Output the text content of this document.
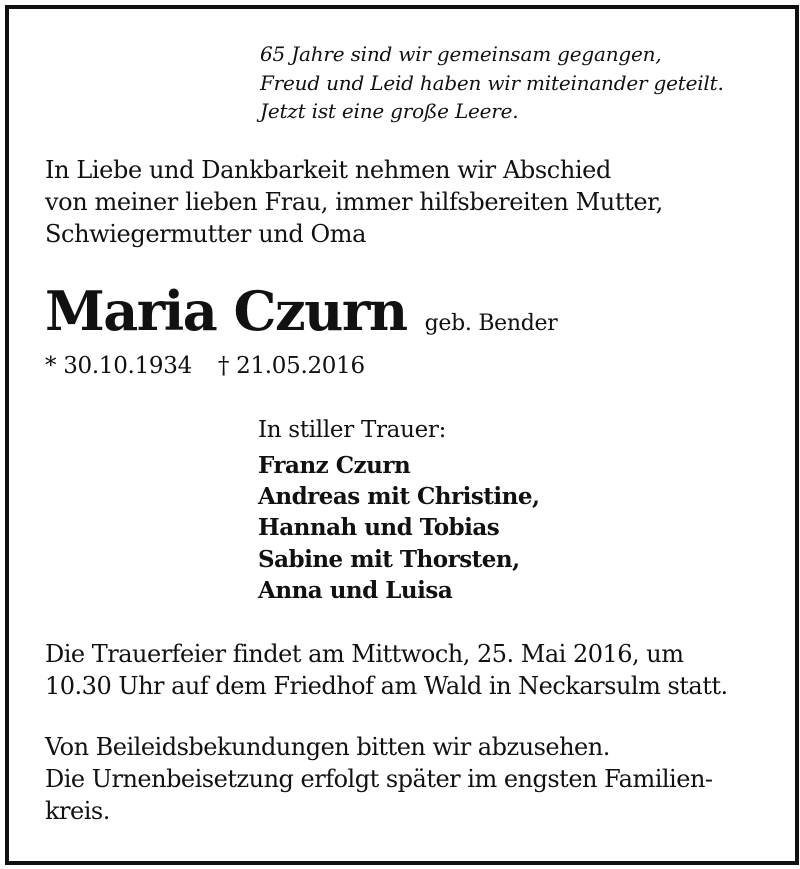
65 Jahre sind wir gemeinsam gegangen,
Freud und Leid haben wir miteinander geteilt.
Jetzt ist eine große Leere.
In Liebe und Dankbarkeit nehmen wir Abschied
von meiner lieben Frau, immer hilfsbereiten Mutter,
Schwiegermutter und Oma
Maria Czurn geb. Bender
* 30.10.1934 † 21.05.2016
In stiller Trauer:
Franz Czurn
Andreas mit Christine,
Hannah und Tobias
Sabine mit Thorsten,
Anna und Luisa
Die Trauerfeier findet am Mittwoch, 25. Mai 2016, um
10.30 Uhr auf dem Friedhof am Wald in Neckarsulm statt.
Von Beileidsbekundungen bitten wir abzusehen.
Die Urnenbeisetzung erfolgt später im engsten Familien-
kreis.
